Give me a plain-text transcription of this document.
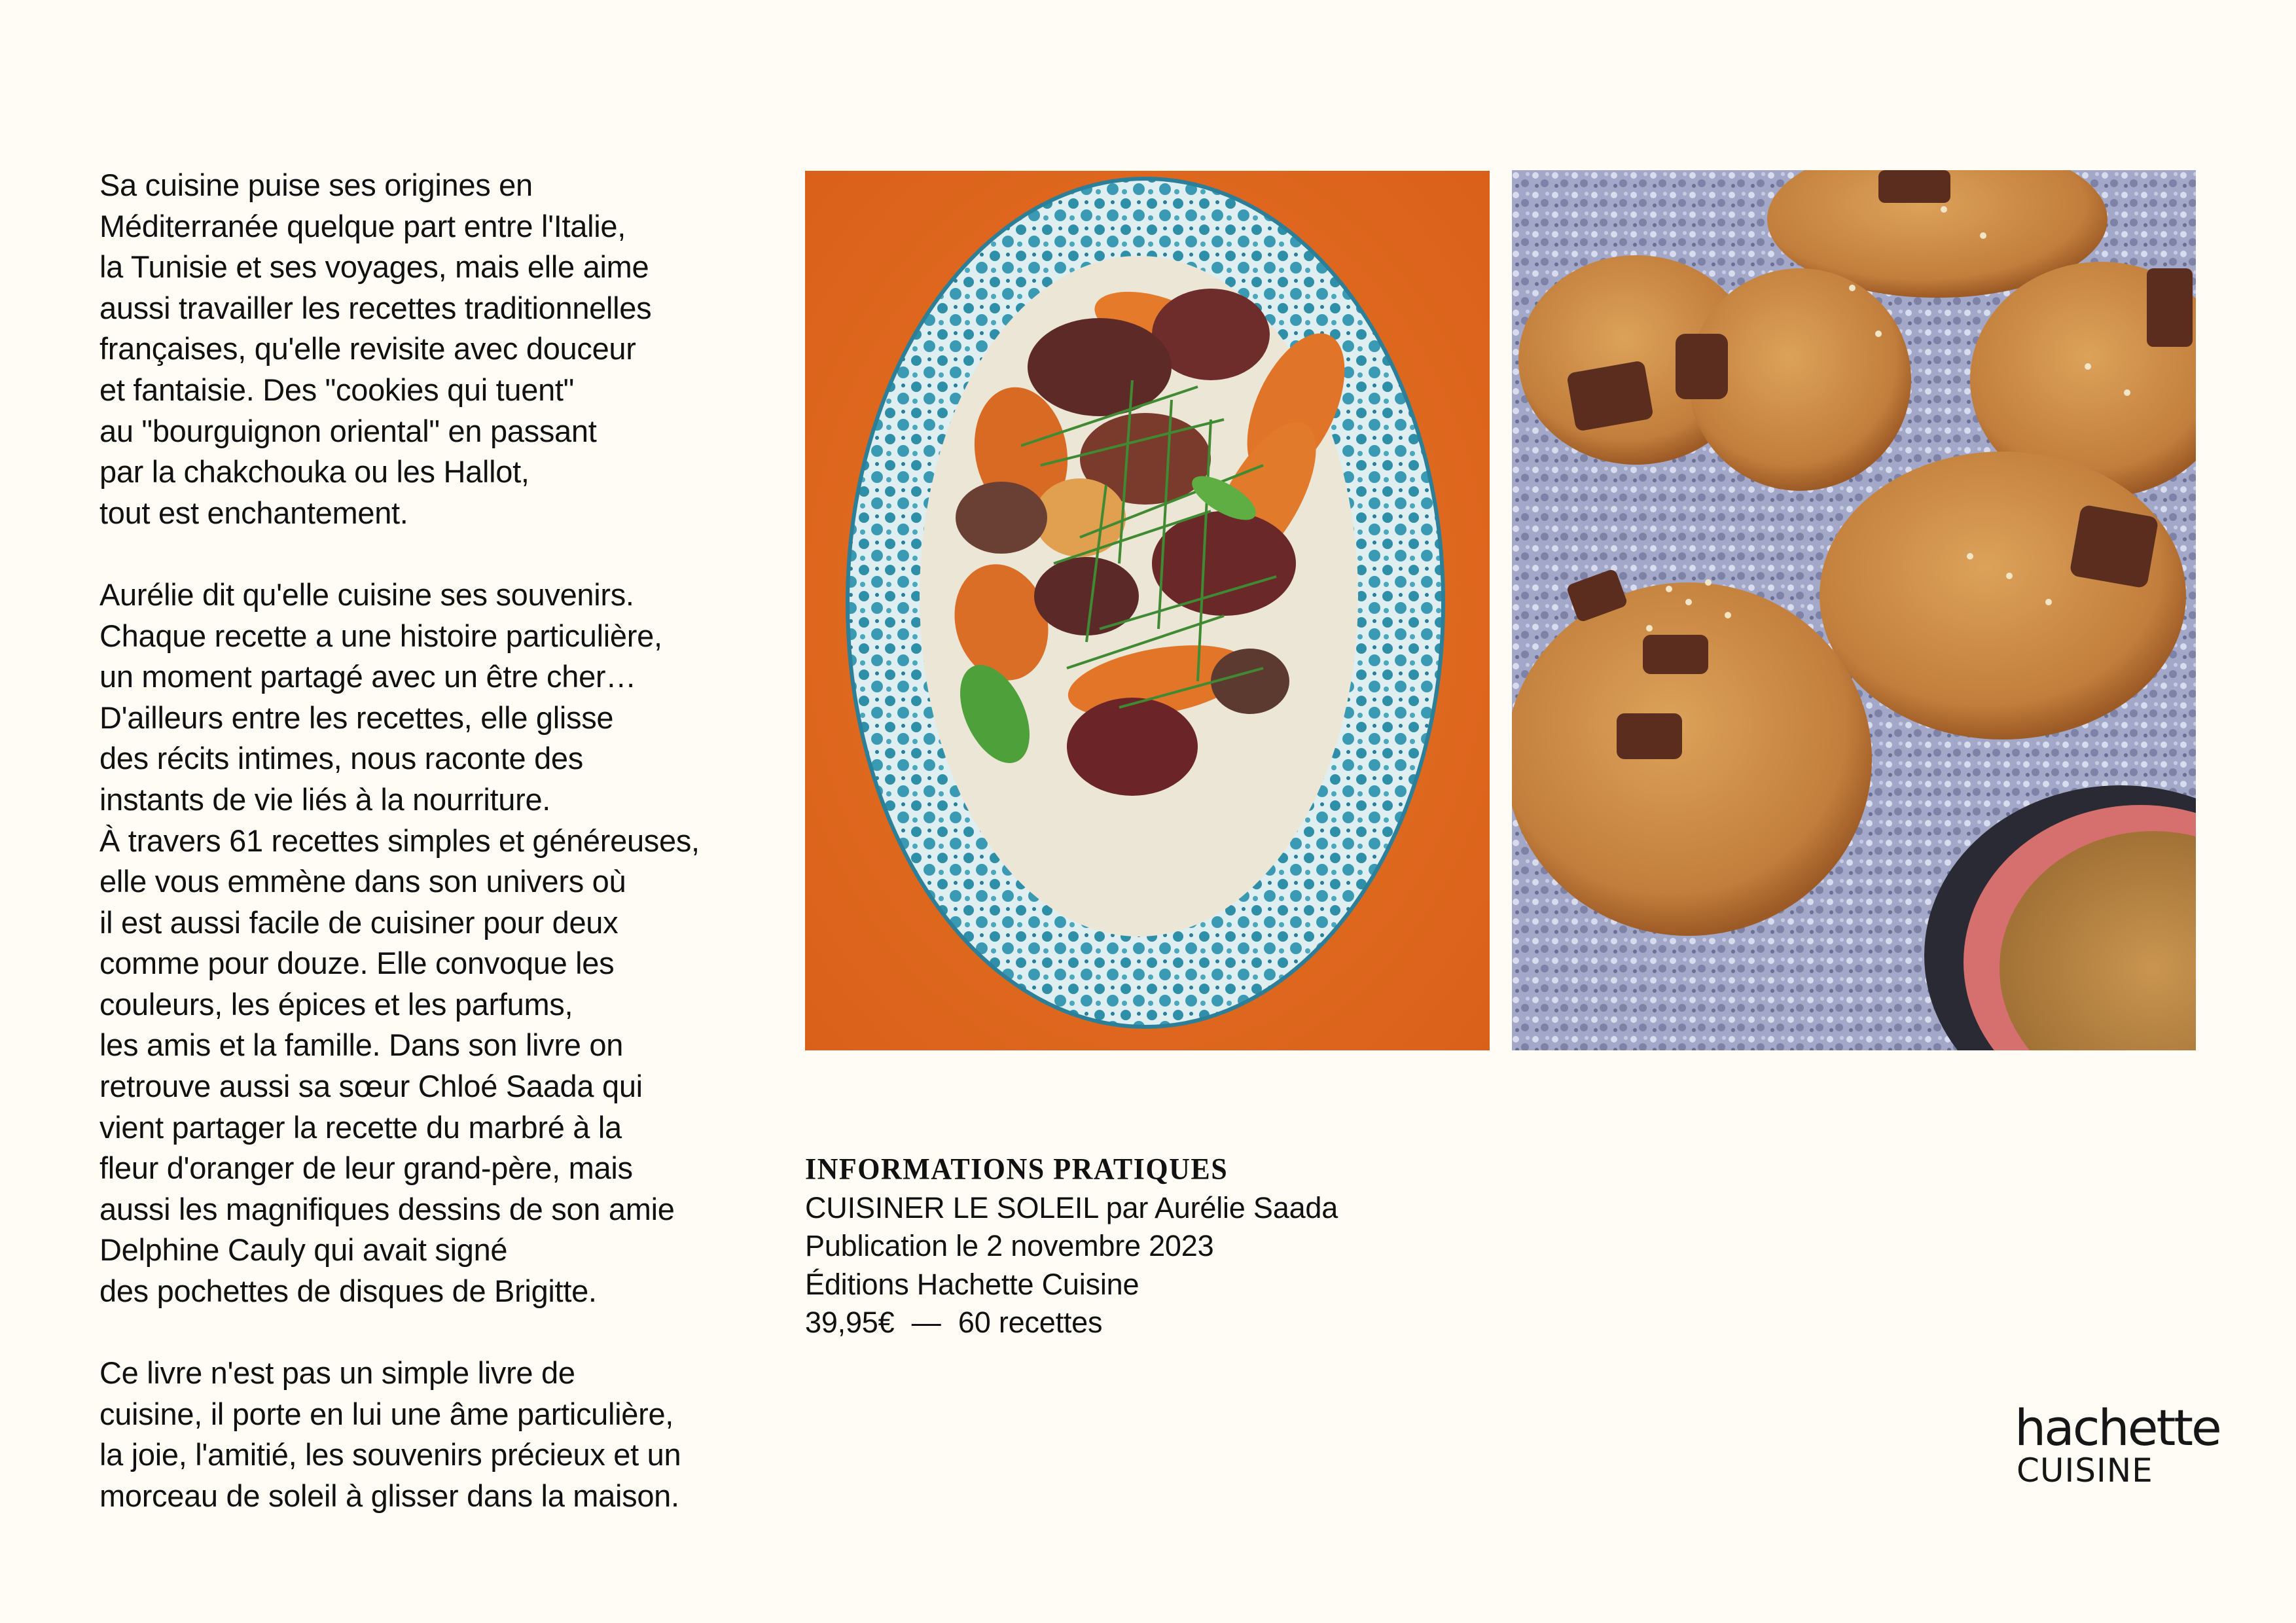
Sa cuisine puise ses origines en
Méditerranée quelque part entre l'Italie,
la Tunisie et ses voyages, mais elle aime
aussi travailler les recettes traditionnelles
françaises, qu'elle revisite avec douceur
et fantaisie. Des "cookies qui tuent"
au "bourguignon oriental" en passant
par la chakchouka ou les Hallot,
tout est enchantement.

Aurélie dit qu'elle cuisine ses souvenirs.
Chaque recette a une histoire particulière,
un moment partagé avec un être cher…
D'ailleurs entre les recettes, elle glisse
des récits intimes, nous raconte des
instants de vie liés à la nourriture.
À travers 61 recettes simples et généreuses,
elle vous emmène dans son univers où
il est aussi facile de cuisiner pour deux
comme pour douze. Elle convoque les
couleurs, les épices et les parfums,
les amis et la famille. Dans son livre on
retrouve aussi sa sœur Chloé Saada qui
vient partager la recette du marbré à la
fleur d'oranger de leur grand-père, mais
aussi les magnifiques dessins de son amie
Delphine Cauly qui avait signé
des pochettes de disques de Brigitte.

Ce livre n'est pas un simple livre de
cuisine, il porte en lui une âme particulière,
la joie, l'amitié, les souvenirs précieux et un
morceau de soleil à glisser dans la maison.

INFORMATIONS PRATIQUES
CUISINER LE SOLEIL par Aurélie Saada
Publication le 2 novembre 2023
Éditions Hachette Cuisine
39,95€ — 60 recettes
hachette
CUISINE
